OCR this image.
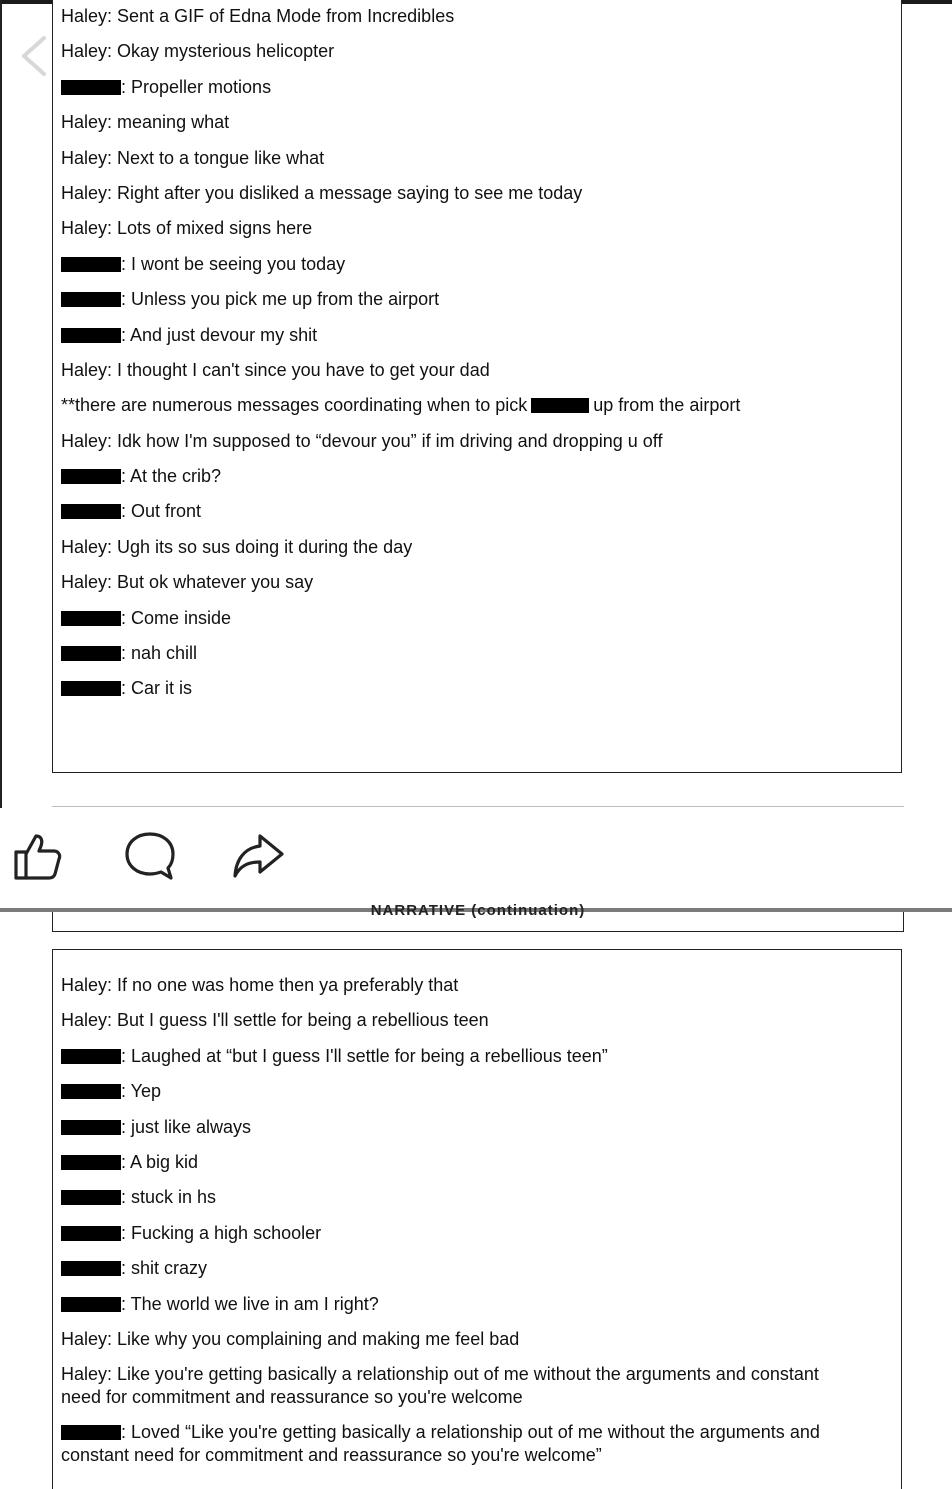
Haley: Sent a GIF of Edna Mode from Incredibles
Haley: Okay mysterious helicopter
: Propeller motions
Haley: meaning what
Haley: Next to a tongue like what
Haley: Right after you disliked a message saying to see me today
Haley: Lots of mixed signs here
: I wont be seeing you today
: Unless you pick me up from the airport
: And just devour my shit
Haley: I thought I can't since you have to get your dad
**there are numerous messages coordinating when to pick	up from the airport
Haley: Idk how I'm supposed to “devour you” if im driving and dropping u off
: At the crib?
: Out front
Haley: Ugh its so sus doing it during the day
Haley: But ok whatever you say
: Come inside
: nah chill
: Car it is
NARRATIVE (continuation)
Haley: If no one was home then ya preferably that
Haley: But I guess I'll settle for being a rebellious teen
: Laughed at “but I guess I'll settle for being a rebellious teen”
: Yep
: just like always
: A big kid
: stuck in hs
: Fucking a high schooler
: shit crazy
: The world we live in am I right?
Haley: Like why you complaining and making me feel bad
Haley: Like you're getting basically a relationship out of me without the arguments and constant need for commitment and reassurance so you're welcome
: Loved “Like you're getting basically a relationship out of me without the arguments and constant need for commitment and reassurance so you're welcome”
